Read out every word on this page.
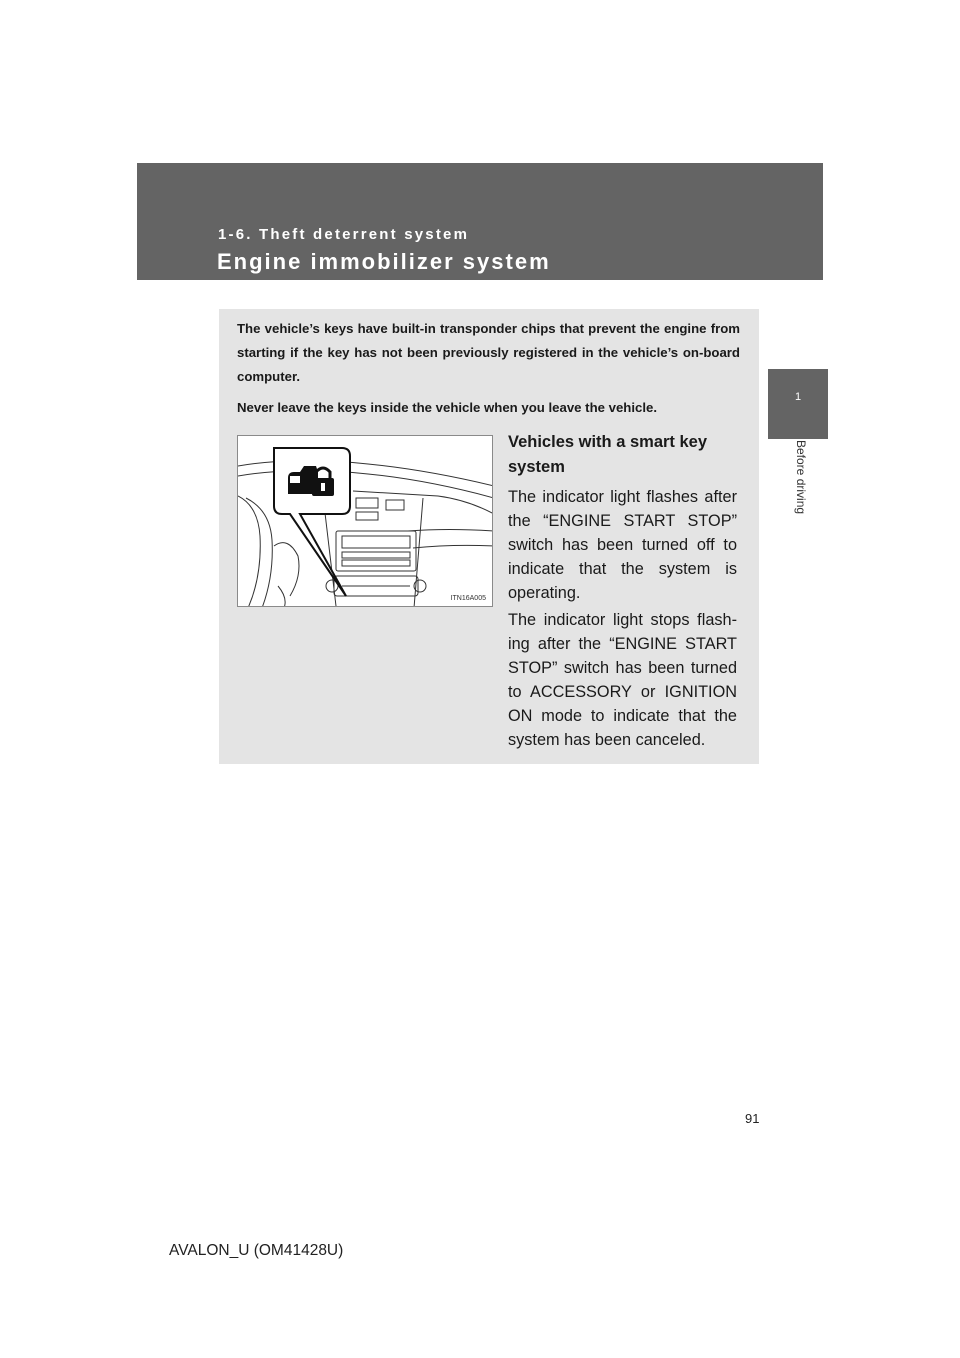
1-6. Theft deterrent system
Engine immobilizer system
1
Before driving

The vehicle’s keys have built-in transponder chips that prevent the engine from starting if the key has not been previously registered in the vehicle’s on-board computer.

Never leave the keys inside the vehicle when you leave the vehicle.

ITN16A005

Vehicles with a smart key system

The indicator light flashes after the “ENGINE START STOP” switch has been turned off to indicate that the system is operating.

The indicator light stops flash-ing after the “ENGINE START STOP” switch has been turned to ACCESSORY or IGNITION ON mode to indicate that the system has been canceled.

91
AVALON_U (OM41428U)
